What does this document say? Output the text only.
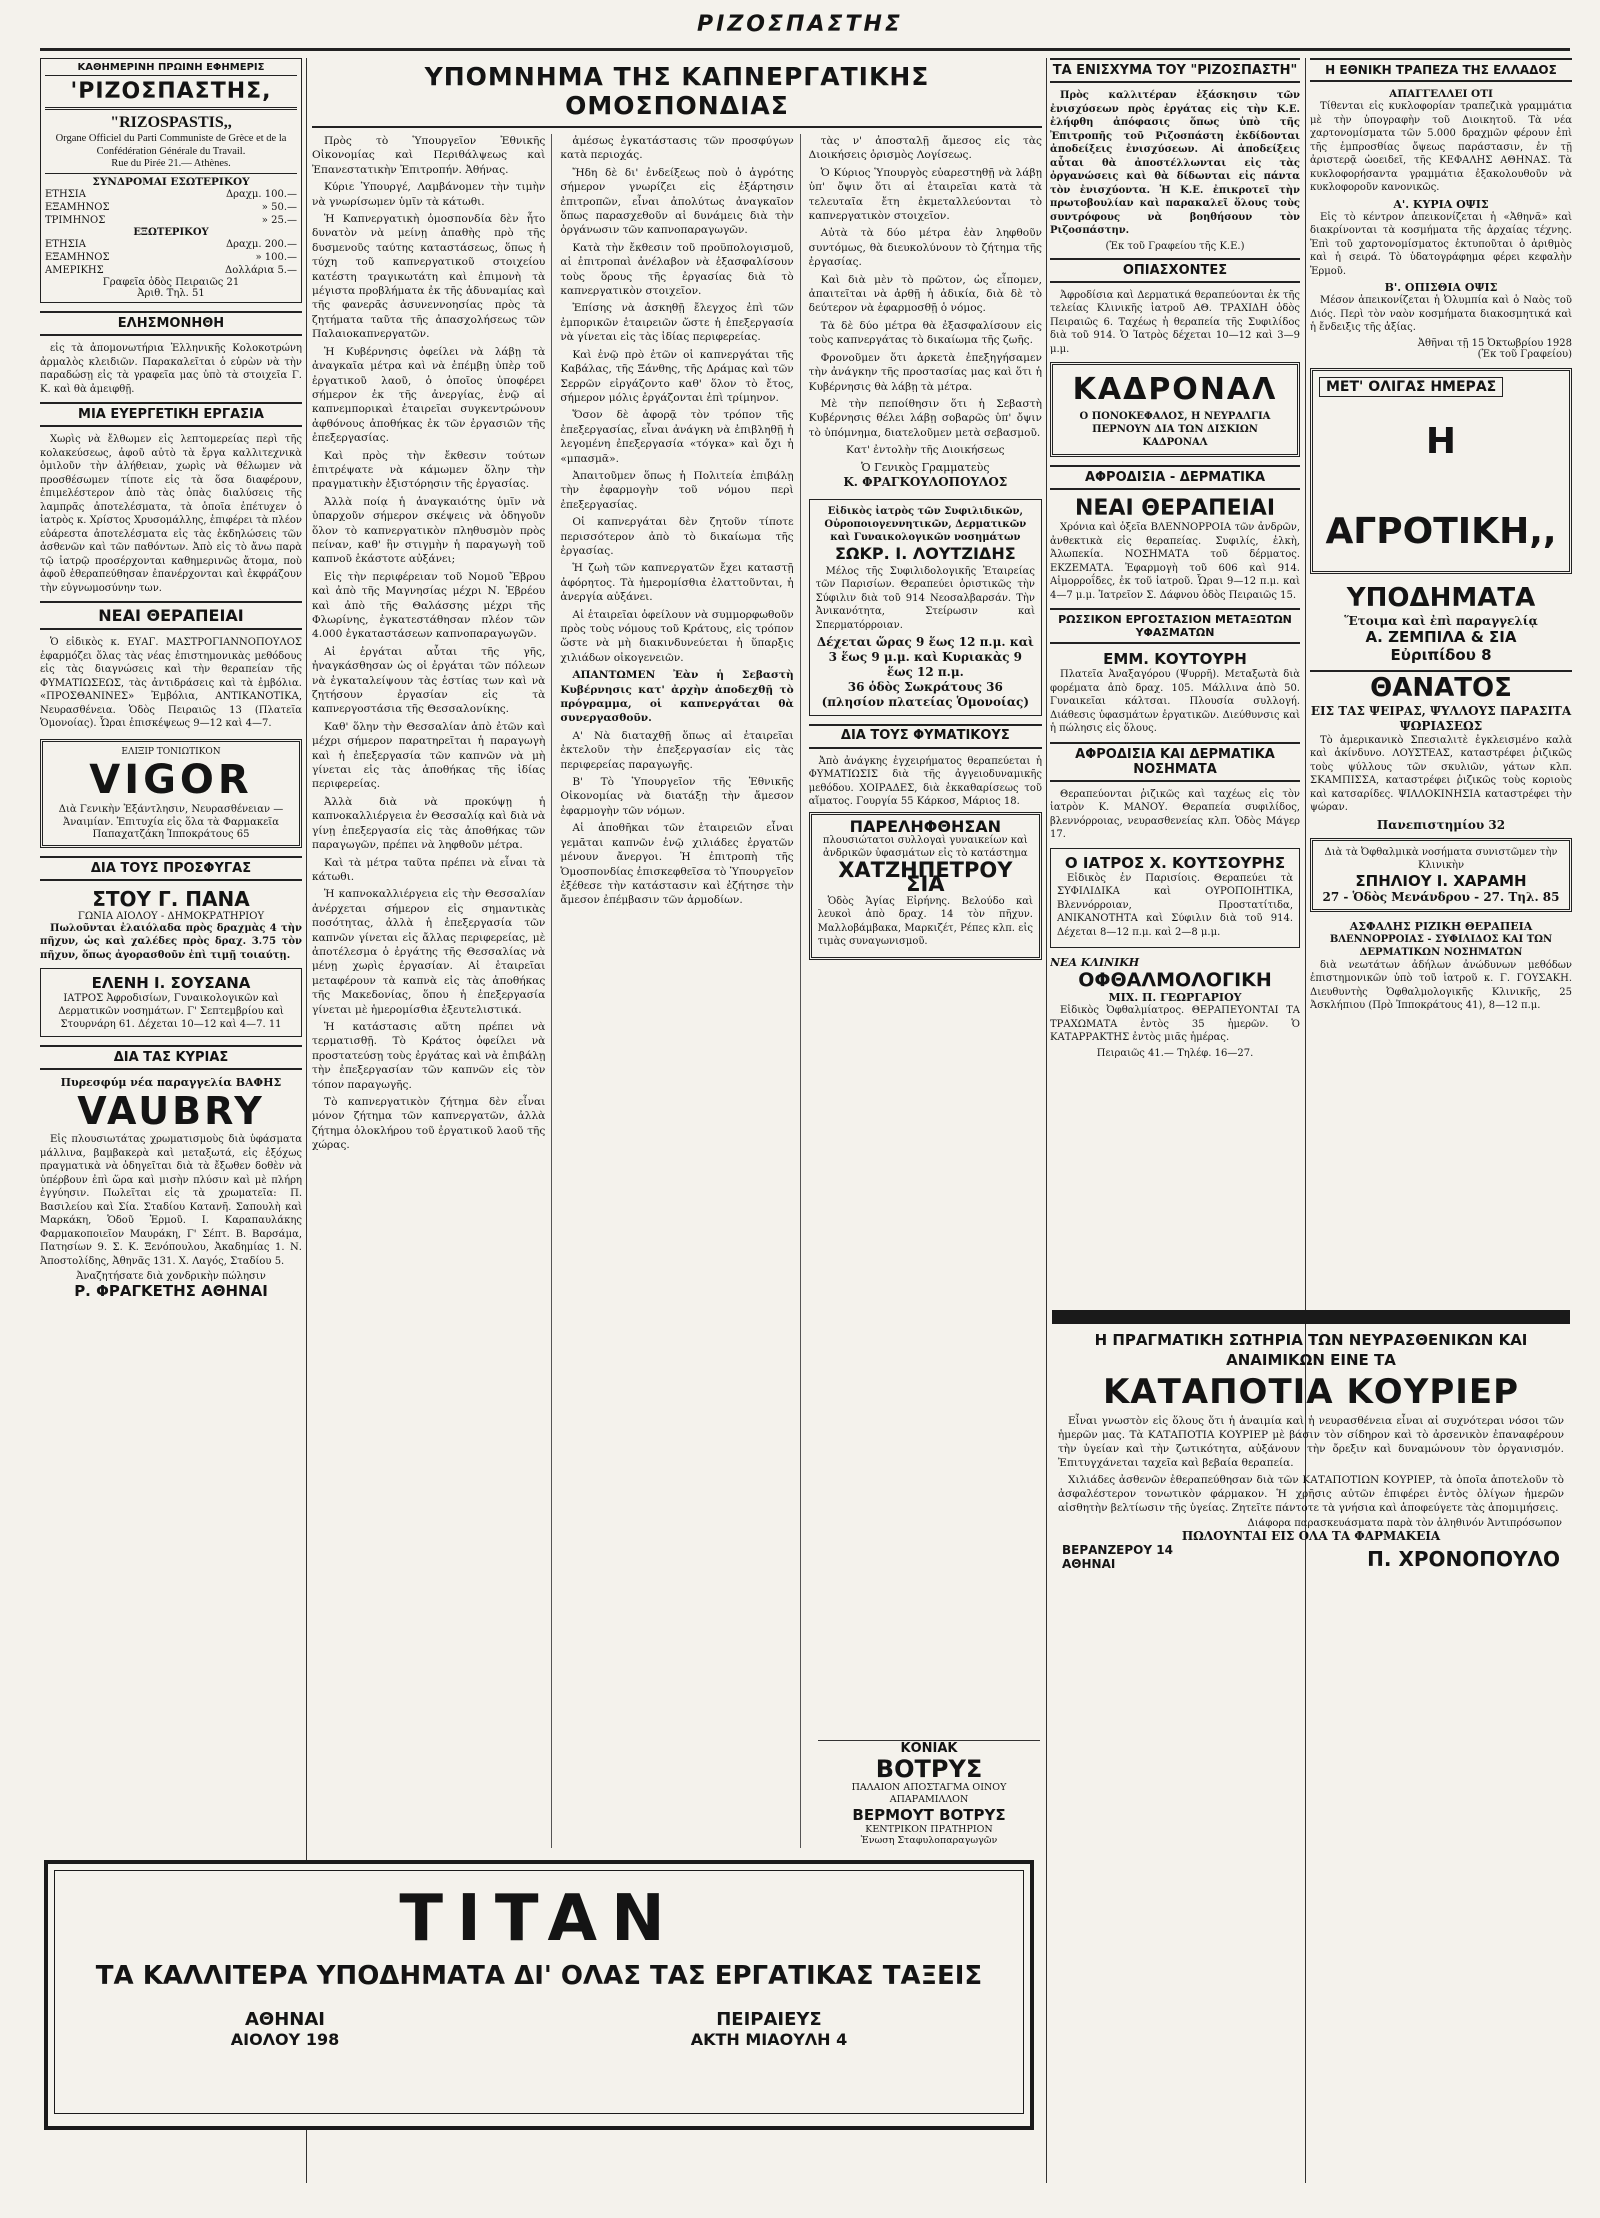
ΡΙΖΟΣΠΑΣΤΗΣ
ΚΑΘΗΜΕΡΙΝΗ ΠΡΩΙΝΗ ΕΦΗΜΕΡΙΣ
'ΡΙΖΟΣΠΑΣΤΗΣ,
"RIZOSPASTIS,,
Organe Officiel du Parti Communiste de Grèce et de la Confédération Générale du Travail.
Rue du Pirée 21.— Athènes.
ΣΥΝΔΡΟΜΑΙ ΕΣΩΤΕΡΙΚΟΥ
ΕΤΗΣΙΑ	Δραχμ. 100.—
ΕΞΑΜΗΝΟΣ	» 50.—
ΤΡΙΜΗΝΟΣ	» 25.—
ΕΞΩΤΕΡΙΚΟΥ
ΕΤΗΣΙΑ	Δραχμ. 200.—
ΕΞΑΜΗΝΟΣ	» 100.—
ΑΜΕΡΙΚΗΣ	Δολλάρια 5.—
Γραφεῖα ὁδὸς Πειραιῶς 21
Ἀριθ. Τηλ. 51
ΕΛΗΣΜΟΝΗΘΗ

εἰς τὰ ἀπομονωτήρια Ἐλληνικῆς Κολοκοτρώνη ἀρμαλὸς κλειδιῶν. Παρακαλεῖται ὁ εὑρὼν νὰ τὴν παραδώσῃ εἰς τὰ γραφεῖα μας ὑπὸ τὰ στοιχεῖα Γ. Κ. καὶ θὰ ἀμειφθῇ.

ΜΙΑ ΕΥΕΡΓΕΤΙΚΗ ΕΡΓΑΣΙΑ

Χωρὶς νὰ ἔλθωμεν εἰς λεπτομερείας περὶ τῆς κολακεύσεως, ἀφοῦ αὐτὸ τὰ ἔργα καλλιτεχνικὰ ὁμιλοῦν τὴν ἀλήθειαν, χωρὶς νὰ θέλωμεν νὰ προσθέσωμεν τίποτε εἰς τὰ ὅσα διαφέρουν, ἐπιμελέστερον ἀπὸ τὰς ὀπὰς διαλύσεις τῆς λαμπρᾶς ἀποτελέσματα, τὰ ὁποῖα ἐπέτυχεν ὁ ἰατρὸς κ. Χρίστος Χρυσομάλλης, ἐπιφέρει τὰ πλέον εὐάρεστα ἀποτελέσματα εἰς τὰς ἐκδηλώσεις τῶν ἀσθενῶν καὶ τῶν παθόντων. Ἀπὸ εἰς τὸ ἄνω παρὰ τῷ ἰατρῷ προσέρχονται καθημερινῶς ἄτομα, ποὺ ἀφοῦ ἐθεραπεύθησαν ἐπανέρχονται καὶ ἐκφράζουν τὴν εὐγνωμοσύνην των.

ΝΕΑΙ ΘΕΡΑΠΕΙΑΙ

Ὁ εἰδικὸς κ. ΕΥΑΓ. ΜΑΣΤΡΟΓΙΑΝΝΟΠΟΥΛΟΣ ἐφαρμόζει ὅλας τὰς νέας ἐπιστημονικὰς μεθόδους εἰς τὰς διαγνώσεις καὶ τὴν θεραπείαν τῆς ΦΥΜΑΤΙΩΣΕΩΣ, τὰς ἀντιδράσεις καὶ τὰ ἐμβόλια. «ΠΡΟΣΘΑΝΙΝΕΣ» Ἐμβόλια, ΑΝΤΙΚΑΝΟΤΙΚΑ, Νευρασθένεια. Ὁδὸς Πειραιῶς 13 (Πλατεῖα Ὁμονοίας). Ὧραι ἐπισκέψεως 9—12 καὶ 4—7.

ΕΛΙΞΙΡ ΤΟΝΙΩΤΙΚΟΝ
VIGOR
Διὰ Γενικὴν Ἐξάντλησιν, Νευρασθένειαν — Ἀναιμίαν. Ἐπιτυχία εἰς ὅλα τὰ Φαρμακεῖα
Παπαχατζάκη Ἱπποκράτους 65
ΔΙΑ ΤΟΥΣ ΠΡΟΣΦΥΓΑΣ
ΣΤΟΥ Γ. ΠΑΝΑ
ΓΩΝΙΑ ΑΙΟΛΟΥ - ΔΗΜΟΚΡΑΤΗΡΙΟΥ

Πωλοῦνται ἐλαιόλαδα πρὸς δραχμὰς 4 τὴν πῆχυν, ὡς καὶ χαλέδες πρὸς δραχ. 3.75 τὸν πῆχυν, ὅπως ἀγορασθοῦν ἐπὶ τιμῇ τοιαύτῃ.

ΕΛΕΝΗ Ι. ΣΟΥΣΑΝΑ
ΙΑΤΡΟΣ Ἀφροδισίων, Γυναικολογικῶν καὶ Δερματικῶν νοσημάτων. Γ' Σεπτεμβρίου καὶ Στουρνάρη 61. Δέχεται 10—12 καὶ 4—7. 11
ΔΙΑ ΤΑΣ ΚΥΡΙΑΣ
Πυρεσφύμ νέα παραγγελία ΒΑΦΗΣ
VAUBRY

Εἰς πλουσιωτάτας χρωματισμοὺς διὰ ὑφάσματα μάλλινα, βαμβακερὰ καὶ μεταξωτά, εἰς ἐξόχως πραγματικὰ νὰ ὁδηγεῖται διὰ τὰ ἔξωθεν δοθὲν νὰ ὑπέρβουν ἐπὶ ὥρα καὶ μισὴν πλύσιν καὶ μὲ πλήρη ἐγγύησιν. Πωλεῖται εἰς τὰ χρωματεῖα: Π. Βασιλείου καὶ Σία. Σταδίου Κατανῆ. Σαπουλὴ καὶ Μαρκάκη, Ὁδοῦ Ἑρμοῦ. Ι. Καραπαυλάκης Φαρμακοποιεῖον Μαυράκη, Γ' Σέπτ. Β. Βαρσάμα, Πατησίων 9. Σ. Κ. Ξενόπουλου, Ἀκαδημίας 1. Ν. Ἀποστολίδης, Ἀθηνᾶς 131. Χ. Λαγός, Σταδίου 5.

Ἀναζητήσατε διὰ χονδρικὴν πώλησιν
Ρ. ΦΡΑΓΚΕΤΗΣ ΑΘΗΝΑΙ
TITAN
ΤΑ ΚΑΛΛΙΤΕΡΑ ΥΠΟΔΗΜΑΤΑ ΔΙ' ΟΛΑΣ ΤΑΣ ΕΡΓΑΤΙΚΑΣ ΤΑΞΕΙΣ
ΑΘΗΝΑΙ
ΑΙΟΛΟΥ 198
ΠΕΙΡΑΙΕΥΣ
ΑΚΤΗ ΜΙΑΟΥΛΗ 4
ΥΠΟΜΝΗΜΑ ΤΗΣ ΚΑΠΝΕΡΓΑΤΙΚΗΣ ΟΜΟΣΠΟΝΔΙΑΣ

Πρὸς τὸ Ὑπουργεῖον Ἐθνικῆς Οἰκονομίας καὶ Περιθάλψεως καὶ Ἐπανεστατικὴν Ἐπιτροπήν. Ἀθήνας.

Κύριε Ὑπουργέ, Λαμβάνομεν τὴν τιμὴν νὰ γνωρίσωμεν ὑμῖν τὰ κάτωθι.

Ἡ Καπνεργατικὴ ὁμοσπονδία δὲν ἦτο δυνατὸν νὰ μείνῃ ἀπαθὴς πρὸ τῆς δυσμενοῦς ταύτης καταστάσεως, ὅπως ἡ τύχη τοῦ καπνεργατικοῦ στοιχείου κατέστη τραγικωτάτη καὶ ἐπιμονὴ τὰ μέγιστα προβλήματα ἐκ τῆς ἀδυναμίας καὶ τῆς φανερᾶς ἀσυνεννοησίας πρὸς τὰ ζητήματα ταῦτα τῆς ἀπασχολήσεως τῶν Παλαιοκαπνεργατῶν.

Ἡ Κυβέρνησις ὀφείλει νὰ λάβῃ τὰ ἀναγκαῖα μέτρα καὶ νὰ ἐπέμβῃ ὑπὲρ τοῦ ἐργατικοῦ λαοῦ, ὁ ὁποῖος ὑποφέρει σήμερον ἐκ τῆς ἀνεργίας, ἐνῷ αἱ καπνεμπορικαὶ ἑταιρεῖαι συγκεντρώνουν ἀφθόνους ἀποθήκας ἐκ τῶν ἐργασιῶν τῆς ἐπεξεργασίας.

Καὶ πρὸς τὴν ἔκθεσιν τούτων ἐπιτρέψατε νὰ κάμωμεν ὅλην τὴν πραγματικὴν ἐξιστόρησιν τῆς ἐργασίας.

Ἀλλὰ ποίᾳ ἡ ἀναγκαιότης ὑμῖν νὰ ὑπαρχοῦν σήμερον σκέψεις νὰ ὁδηγοῦν ὅλον τὸ καπνεργατικὸν πληθυσμὸν πρὸς πείναν, καθ' ἣν στιγμὴν ἡ παραγωγὴ τοῦ καπνοῦ ἑκάστοτε αὐξάνει;

Εἰς τὴν περιφέρειαν τοῦ Νομοῦ Ἔβρου καὶ ἀπὸ τῆς Μαγνησίας μέχρι Ν. Ἐβρέου καὶ ἀπὸ τῆς Θαλάσσης μέχρι τῆς Φλωρίνης, ἐγκατεστάθησαν πλέον τῶν 4.000 ἐγκαταστάσεων καπνοπαραγωγῶν.

Αἱ ἐργάται αὗται τῆς γῆς, ἠναγκάσθησαν ὡς οἱ ἐργάται τῶν πόλεων νὰ ἐγκαταλείψουν τὰς ἑστίας των καὶ νὰ ζητήσουν ἐργασίαν εἰς τὰ καπνεργοστάσια τῆς Θεσσαλονίκης.

Καθ' ὅλην τὴν Θεσσαλίαν ἀπὸ ἐτῶν καὶ μέχρι σήμερον παρατηρεῖται ἡ παραγωγὴ καὶ ἡ ἐπεξεργασία τῶν καπνῶν νὰ μὴ γίνεται εἰς τὰς ἀποθήκας τῆς ἰδίας περιφερείας.

Ἀλλὰ διὰ νὰ προκύψῃ ἡ καπνοκαλλιέργεια ἐν Θεσσαλίᾳ καὶ διὰ νὰ γίνῃ ἐπεξεργασία εἰς τὰς ἀποθήκας τῶν παραγωγῶν, πρέπει νὰ ληφθοῦν μέτρα.

Καὶ τὰ μέτρα ταῦτα πρέπει νὰ εἶναι τὰ κάτωθι.

Ἡ καπνοκαλλιέργεια εἰς τὴν Θεσσαλίαν ἀνέρχεται σήμερον εἰς σημαντικὰς ποσότητας, ἀλλὰ ἡ ἐπεξεργασία τῶν καπνῶν γίνεται εἰς ἄλλας περιφερείας, μὲ ἀποτέλεσμα ὁ ἐργάτης τῆς Θεσσαλίας νὰ μένῃ χωρὶς ἐργασίαν. Αἱ ἑταιρεῖαι μεταφέρουν τὰ καπνὰ εἰς τὰς ἀποθήκας τῆς Μακεδονίας, ὅπου ἡ ἐπεξεργασία γίνεται μὲ ἡμερομίσθια ἐξευτελιστικά.

Ἡ κατάστασις αὕτη πρέπει νὰ τερματισθῇ. Τὸ Κράτος ὀφείλει νὰ προστατεύσῃ τοὺς ἐργάτας καὶ νὰ ἐπιβάλῃ τὴν ἐπεξεργασίαν τῶν καπνῶν εἰς τὸν τόπον παραγωγῆς.

Τὸ καπνεργατικὸν ζήτημα δὲν εἶναι μόνον ζήτημα τῶν καπνεργατῶν, ἀλλὰ ζήτημα ὁλοκλήρου τοῦ ἐργατικοῦ λαοῦ τῆς χώρας.

ἀμέσως ἐγκατάστασις τῶν προσφύγων κατὰ περιοχάς.

Ἤδη δὲ δι' ἐνδείξεως ποὺ ὁ ἀγρότης σήμερον γνωρίζει εἰς ἐξάρτησιν ἐπιτροπῶν, εἶναι ἀπολύτως ἀναγκαῖον ὅπως παρασχεθοῦν αἱ δυνάμεις διὰ τὴν ὀργάνωσιν τῶν καπνοπαραγωγῶν.

Κατὰ τὴν ἔκθεσιν τοῦ προϋπολογισμοῦ, αἱ ἐπιτροπαὶ ἀνέλαβον νὰ ἐξασφαλίσουν τοὺς ὅρους τῆς ἐργασίας διὰ τὸ καπνεργατικὸν στοιχεῖον.

Ἐπίσης νὰ ἀσκηθῇ ἔλεγχος ἐπὶ τῶν ἐμπορικῶν ἑταιρειῶν ὥστε ἡ ἐπεξεργασία νὰ γίνεται εἰς τὰς ἰδίας περιφερείας.

Καὶ ἐνῷ πρὸ ἐτῶν οἱ καπνεργάται τῆς Καβάλας, τῆς Ξάνθης, τῆς Δράμας καὶ τῶν Σερρῶν εἰργάζοντο καθ' ὅλον τὸ ἔτος, σήμερον μόλις ἐργάζονται ἐπὶ τρίμηνον.

Ὅσον δὲ ἀφορᾷ τὸν τρόπον τῆς ἐπεξεργασίας, εἶναι ἀνάγκη νὰ ἐπιβληθῇ ἡ λεγομένη ἐπεξεργασία «τόγκα» καὶ ὄχι ἡ «μπασμᾶ».

Ἀπαιτοῦμεν ὅπως ἡ Πολιτεία ἐπιβάλῃ τὴν ἐφαρμογὴν τοῦ νόμου περὶ ἐπεξεργασίας.

Οἱ καπνεργάται δὲν ζητοῦν τίποτε περισσότερον ἀπὸ τὸ δικαίωμα τῆς ἐργασίας.

Ἡ ζωὴ τῶν καπνεργατῶν ἔχει καταστῇ ἀφόρητος. Τὰ ἡμερομίσθια ἐλαττοῦνται, ἡ ἀνεργία αὐξάνει.

Αἱ ἑταιρεῖαι ὀφείλουν νὰ συμμορφωθοῦν πρὸς τοὺς νόμους τοῦ Κράτους, εἰς τρόπον ὥστε νὰ μὴ διακινδυνεύεται ἡ ὕπαρξις χιλιάδων οἰκογενειῶν.

ΑΠΑΝΤΩΜΕΝ Ἐὰν ἡ Σεβαστὴ Κυβέρνησις κατ' ἀρχὴν ἀποδεχθῇ τὸ πρόγραμμα, οἱ καπνεργάται θὰ συνεργασθοῦν.

Α' Νὰ διαταχθῇ ὅπως αἱ ἑταιρεῖαι ἐκτελοῦν τὴν ἐπεξεργασίαν εἰς τὰς περιφερείας παραγωγῆς.

Β' Τὸ Ὑπουργεῖον τῆς Ἐθνικῆς Οἰκονομίας νὰ διατάξῃ τὴν ἄμεσον ἐφαρμογὴν τῶν νόμων.

Αἱ ἀποθῆκαι τῶν ἑταιρειῶν εἶναι γεμᾶται καπνῶν ἐνῷ χιλιάδες ἐργατῶν μένουν ἄνεργοι. Ἡ ἐπιτροπὴ τῆς Ὁμοσπονδίας ἐπισκεφθεῖσα τὸ Ὑπουργεῖον ἐξέθεσε τὴν κατάστασιν καὶ ἐζήτησε τὴν ἄμεσον ἐπέμβασιν τῶν ἁρμοδίων.

τὰς ν' ἀποσταλῇ ἄμεσος εἰς τὰς Διοικήσεις ὁρισμὸς Λογίσεως.

Ὁ Κύριος Ὑπουργὸς εὐαρεστηθῇ νὰ λάβῃ ὑπ' ὄψιν ὅτι αἱ ἑταιρεῖαι κατὰ τὰ τελευταῖα ἔτη ἐκμεταλλεύονται τὸ καπνεργατικὸν στοιχεῖον.

Αὐτὰ τὰ δύο μέτρα ἐὰν ληφθοῦν συντόμως, θὰ διευκολύνουν τὸ ζήτημα τῆς ἐργασίας.

Καὶ διὰ μὲν τὸ πρῶτον, ὡς εἶπομεν, ἀπαιτεῖται νὰ ἀρθῇ ἡ ἀδικία, διὰ δὲ τὸ δεύτερον νὰ ἐφαρμοσθῇ ὁ νόμος.

Τὰ δὲ δύο μέτρα θὰ ἐξασφαλίσουν εἰς τοὺς καπνεργάτας τὸ δικαίωμα τῆς ζωῆς.

Φρονοῦμεν ὅτι ἀρκετὰ ἐπεξηγήσαμεν τὴν ἀνάγκην τῆς προστασίας μας καὶ ὅτι ἡ Κυβέρνησις θὰ λάβῃ τὰ μέτρα.

Μὲ τὴν πεποίθησιν ὅτι ἡ Σεβαστὴ Κυβέρνησις θέλει λάβῃ σοβαρῶς ὑπ' ὄψιν τὸ ὑπόμνημα, διατελοῦμεν μετὰ σεβασμοῦ.

Κατ' ἐντολὴν τῆς Διοικήσεως

Ὁ Γενικὸς Γραμματεὺς
Κ. ΦΡΑΓΚΟΥΛΟΠΟΥΛΟΣ
Εἰδικὸς ἰατρὸς τῶν Συφιλιδικῶν, Οὐροποιογεννητικῶν, Δερματικῶν καὶ Γυναικολογικῶν νοσημάτων
ΣΩΚΡ. Ι. ΛΟΥΤΖΙΔΗΣ

Μέλος τῆς Συφιλιδολογικῆς Ἑταιρείας τῶν Παρισίων. Θεραπεύει ὁριστικῶς τὴν Σύφιλιν διὰ τοῦ 914 Νεοσαλβαρσάν. Τὴν Ἀνικανότητα, Στείρωσιν καὶ Σπερματόρροιαν.

Δέχεται ὥρας 9 ἕως 12 π.μ. καὶ 3 ἕως 9 μ.μ. καὶ Κυριακὰς 9 ἕως 12 π.μ.
36 ὁδὸς Σωκράτους 36 (πλησίον πλατείας Ὁμονοίας)
ΔΙΑ ΤΟΥΣ ΦΥΜΑΤΙΚΟΥΣ

Ἀπὸ ἀνάγκης ἐγχειρήματος θεραπεύεται ἡ ΦΥΜΑΤΙΩΣΙΣ διὰ τῆς ἀγγειοδυναμικῆς μεθόδου. ΧΟΙΡΑΔΕΣ, διὰ ἐκκαθαρίσεως τοῦ αἵματος. Γουργία 55 Κάρκοσ, Μάριος 18.

ΠΑΡΕΛΗΦΘΗΣΑΝ
πλουσιώτατοι συλλογαὶ γυναικείων καὶ ἀνδρικῶν ὑφασμάτων εἰς τὸ κατάστημα
ΧΑΤΖΗΠΕΤΡΟΥ ΣΙΑ

Ὁδὸς Ἁγίας Εἰρήνης. Βελούδο καὶ λευκοὶ ἀπὸ δραχ. 14 τὸν πῆχυν. Μαλλοβάμβακα, Μαρκιζέτ, Ρέπες κλπ. εἰς τιμὰς συναγωνισμοῦ.

ΚΟΝΙΑΚ
ΒΟΤΡΥΣ
ΠΑΛΑΙΟΝ ΑΠΟΣΤΑΓΜΑ ΟΙΝΟΥ ΑΠΑΡΑΜΙΛΛΟΝ
ΒΕΡΜΟΥΤ ΒΟΤΡΥΣ
ΚΕΝΤΡΙΚΟΝ ΠΡΑΤΗΡΙΟΝ
Ἑνωση Σταφυλοπαραγωγῶν
ΤΑ ΕΝΙΣΧΥΜΑ ΤΟΥ "ΡΙΖΟΣΠΑΣΤΗ"

Πρὸς καλλιτέραν ἐξάσκησιν τῶν ἐνισχύσεων πρὸς ἐργάτας εἰς τὴν Κ.Ε. ἐλήφθη ἀπόφασις ὅπως ὑπὸ τῆς Ἐπιτροπῆς τοῦ Ριζοσπάστη ἐκδίδονται ἀποδείξεις ἐνισχύσεων. Αἱ ἀποδείξεις αὗται θὰ ἀποστέλλωνται εἰς τὰς ὀργανώσεις καὶ θὰ δίδωνται εἰς πάντα τὸν ἐνισχύοντα. Ἡ Κ.Ε. ἐπικροτεῖ τὴν πρωτοβουλίαν καὶ παρακαλεῖ ὅλους τοὺς συντρόφους νὰ βοηθήσουν τὸν Ριζοσπάστην.

(Ἐκ τοῦ Γραφείου τῆς Κ.Ε.)
ΟΠΙΑΣΧΟΝΤΕΣ

Ἀφροδίσια καὶ Δερματικά θεραπεύονται ἐκ τῆς τελείας Κλινικῆς ἰατροῦ ΑΘ. ΤΡΑΧΙΔΗ ὁδὸς Πειραιῶς 6. Ταχέως ἡ θεραπεία τῆς Συφιλίδος διὰ τοῦ 914. Ὁ Ἰατρὸς δέχεται 10—12 καὶ 3—9 μ.μ.

ΚΑΔΡΟΝΑΛ
Ο ΠΟΝΟΚΕΦΑΛΟΣ, Η ΝΕΥΡΑΛΓΙΑ ΠΕΡΝΟΥΝ ΔΙΑ ΤΩΝ ΔΙΣΚΙΩΝ ΚΑΔΡΟΝΑΛ
ΑΦΡΟΔΙΣΙΑ - ΔΕΡΜΑΤΙΚΑ
ΝΕΑΙ ΘΕΡΑΠΕΙΑΙ

Χρόνια καὶ ὀξεῖα ΒΛΕΝΝΟΡΡΟΙΑ τῶν ἀνδρῶν, ἀνθεκτικὰ εἰς θεραπείας. Συφιλίς, ἐλκὴ, Ἀλωπεκία. ΝΟΣΗΜΑΤΑ τοῦ δέρματος. ΕΚΖΕΜΑΤΑ. Ἐφαρμογὴ τοῦ 606 καὶ 914. Αἱμορροΐδες, ἐκ τοῦ ἰατροῦ. Ὧραι 9—12 π.μ. καὶ 4—7 μ.μ. Ἰατρεῖον Σ. Δάφνου ὁδὸς Πειραιῶς 15.

ΡΩΣΣΙΚΟΝ ΕΡΓΟΣΤΑΣΙΟΝ ΜΕΤΑΞΩΤΩΝ ΥΦΑΣΜΑΤΩΝ
ΕΜΜ. ΚΟΥΤΟΥΡΗ

Πλατεῖα Ἀναξαγόρου (Ψυρρῆ). Μεταξωτὰ διὰ φορέματα ἀπὸ δραχ. 105. Μάλλινα ἀπὸ 50. Γυναικεῖαι κάλτσαι. Πλουσία συλλογή. Διάθεσις ὑφασμάτων ἐργατικῶν. Διεύθυνσις καὶ ἡ πώλησις εἰς ὅλους.

ΑΦΡΟΔΙΣΙΑ ΚΑΙ ΔΕΡΜΑΤΙΚΑ ΝΟΣΗΜΑΤΑ

Θεραπεύονται ῥιζικῶς καὶ ταχέως εἰς τὸν ἰατρὸν Κ. ΜΑΝΟΥ. Θεραπεία συφιλίδος, βλεννόρροιας, νευρασθενείας κλπ. Ὁδὸς Μάγερ 17.

Ο ΙΑΤΡΟΣ Χ. ΚΟΥΤΣΟΥΡΗΣ

Εἰδικὸς ἐν Παρισίοις. Θεραπεύει τὰ ΣΥΦΙΛΙΔΙΚΑ καὶ ΟΥΡΟΠΟΙΗΤΙΚΑ, Βλεννόρροιαν, Προστατίτιδα, ΑΝΙΚΑΝΟΤΗΤΑ καὶ Σύφιλιν διὰ τοῦ 914. Δέχεται 8—12 π.μ. καὶ 2—8 μ.μ.

ΝΕΑ ΚΛΙΝΙΚΗ
ΟΦΘΑΛΜΟΛΟΓΙΚΗ
ΜΙΧ. Π. ΓΕΩΡΓΑΡΙΟΥ

Εἰδικὸς Ὀφθαλμίατρος. ΘΕΡΑΠΕΥΟΝΤΑΙ ΤΑ ΤΡΑΧΩΜΑΤΑ ἐντὸς 35 ἡμερῶν. Ὁ ΚΑΤΑΡΡΑΚΤΗΣ ἐντὸς μιᾶς ἡμέρας.

Πειραιῶς 41.— Τηλέφ. 16—27.
Η ΕΘΝΙΚΗ ΤΡΑΠΕΖΑ ΤΗΣ ΕΛΛΑΔΟΣ
ΑΠΑΓΓΕΛΛΕΙ ΟΤΙ

Τίθενται εἰς κυκλοφορίαν τραπεζικὰ γραμμάτια μὲ τὴν ὑπογραφὴν τοῦ Διοικητοῦ. Τὰ νέα χαρτονομίσματα τῶν 5.000 δραχμῶν φέρουν ἐπὶ τῆς ἐμπροσθίας ὄψεως παράστασιν, ἐν τῇ ἀριστερᾷ ὠοειδεῖ, τῆς ΚΕΦΑΛΗΣ ΑΘΗΝΑΣ. Τὰ κυκλοφορήσαντα γραμμάτια ἐξακολουθοῦν νὰ κυκλοφοροῦν κανονικῶς.

Α'. ΚΥΡΙΑ ΟΨΙΣ

Εἰς τὸ κέντρον ἀπεικονίζεται ἡ «Ἀθηνᾶ» καὶ διακρίνονται τὰ κοσμήματα τῆς ἀρχαίας τέχνης. Ἐπὶ τοῦ χαρτονομίσματος ἐκτυποῦται ὁ ἀριθμὸς καὶ ἡ σειρά. Τὸ ὑδατογράφημα φέρει κεφαλὴν Ἑρμοῦ.

Β'. ΟΠΙΣΘΙΑ ΟΨΙΣ

Μέσον ἀπεικονίζεται ἡ Ὀλυμπία καὶ ὁ Ναὸς τοῦ Διός. Περὶ τὸν ναὸν κοσμήματα διακοσμητικά καὶ ἡ ἔνδειξις τῆς ἀξίας.

Ἀθῆναι τῇ 15 Ὀκτωβρίου 1928
(Ἐκ τοῦ Γραφείου)
ΜΕΤ' ΟΛΙΓΑΣ ΗΜΕΡΑΣ
Η ΑΓΡΟΤΙΚΗ,,
ΥΠΟΔΗΜΑΤΑ
Ἕτοιμα καὶ ἐπὶ παραγγελίᾳ
Α. ΖΕΜΠΙΛΑ & ΣΙΑ
Εὐριπίδου 8
ΘΑΝΑΤΟΣ
ΕΙΣ ΤΑΣ ΨΕΙΡΑΣ, ΨΥΛΛΟΥΣ ΠΑΡΑΣΙΤΑ ΨΩΡΙΑΣΕΩΣ

Τὸ ἀμερικανικὸ Σπεσιαλιτὲ ἐγκλεισμένο καλὰ καὶ ἀκίνδυνο. ΛΟΥΣΤΕΑΣ, καταστρέφει ῥιζικῶς τοὺς ψύλλους τῶν σκυλιῶν, γάτων κλπ. ΣΚΑΜΠΙΣΣΑ, καταστρέφει ῥιζικῶς τοὺς κοριοὺς καὶ κατσαρίδες. ΨΙΛΛΟΚΙΝΗΣΙΑ καταστρέφει τὴν ψώραν.

Πανεπιστημίου 32
Διὰ τὰ Ὀφθαλμικὰ νοσήματα συνιστῶμεν τὴν Κλινικὴν
ΣΠΗΛΙΟΥ Ι. ΧΑΡΑΜΗ
27 - Ὁδὸς Μενάνδρου - 27. Τηλ. 85
ΑΣΦΑΛΗΣ ΡΙΖΙΚΗ ΘΕΡΑΠΕΙΑ
ΒΛΕΝΝΟΡΡΟΙΑΣ - ΣΥΦΙΛΙΔΟΣ ΚΑΙ ΤΩΝ ΔΕΡΜΑΤΙΚΩΝ ΝΟΣΗΜΑΤΩΝ

διὰ νεωτάτων ἀδήλων ἀνώδυνων μεθόδων ἐπιστημονικῶν ὑπὸ τοῦ ἰατροῦ κ. Γ. ΓΟΥΣΑΚΗ. Διευθυντὴς Ὀφθαλμολογικῆς Κλινικῆς, 25 Ἀσκλήπιου (Πρὸ Ἰπποκράτους 41), 8—12 π.μ.

Η ΠΡΑΓΜΑΤΙΚΗ ΣΩΤΗΡΙΑ ΤΩΝ ΝΕΥΡΑΣΘΕΝΙΚΩΝ ΚΑΙ ΑΝΑΙΜΙΚΩΝ ΕΙΝΕ ΤΑ
ΚΑΤΑΠΟΤΙΑ ΚΟΥΡΙΕΡ

Εἶναι γνωστὸν εἰς ὅλους ὅτι ἡ ἀναιμία καὶ ἡ νευρασθένεια εἶναι αἱ συχνότεραι νόσοι τῶν ἡμερῶν μας. Τὰ ΚΑΤΑΠΟΤΙΑ ΚΟΥΡΙΕΡ μὲ βάσιν τὸν σίδηρον καὶ τὸ ἀρσενικὸν ἐπαναφέρουν τὴν ὑγείαν καὶ τὴν ζωτικότητα, αὐξάνουν τὴν ὄρεξιν καὶ δυναμώνουν τὸν ὀργανισμόν. Ἐπιτυγχάνεται ταχεῖα καὶ βεβαία θεραπεία.

Χιλιάδες ἀσθενῶν ἐθεραπεύθησαν διὰ τῶν ΚΑΤΑΠΟΤΙΩΝ ΚΟΥΡΙΕΡ, τὰ ὁποῖα ἀποτελοῦν τὸ ἀσφαλέστερον τονωτικὸν φάρμακον. Ἡ χρῆσις αὐτῶν ἐπιφέρει ἐντὸς ὀλίγων ἡμερῶν αἰσθητὴν βελτίωσιν τῆς ὑγείας. Ζητεῖτε πάντοτε τὰ γνήσια καὶ ἀποφεύγετε τὰς ἀπομιμήσεις.

Διάφορα παρασκευάσματα παρὰ τὸν ἀληθινόν Ἀντιπρόσωπον
ΠΩΛΟΥΝΤΑΙ ΕΙΣ ΟΛΑ ΤΑ ΦΑΡΜΑΚΕΙΑ
ΒΕΡΑΝΖΕΡΟΥ 14
ΑΘΗΝΑΙ	Π. ΧΡΟΝΟΠΟΥΛΟ
